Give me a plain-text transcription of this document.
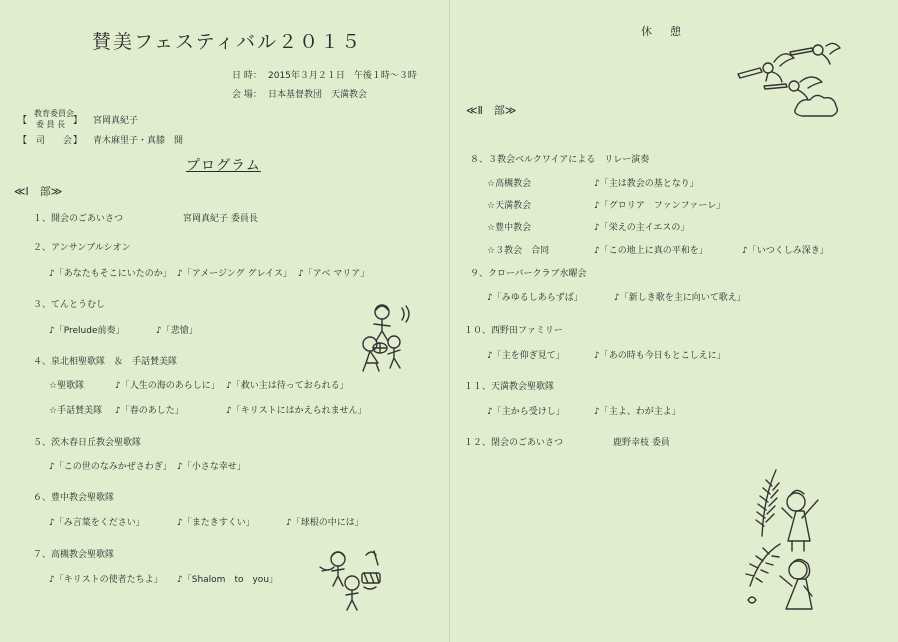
賛美フェスティバル２０１５
日 時： 2015年３月２１日　午後１時～３時
会 場： 日本基督教団　天満教会
【
教育委員会
委 員 長 】 宮岡真紀子
【 司　　会 】 青木麻里子・真膝　開
プログラム
≪Ⅰ　部≫
１、開会のごあいさつ	宮岡真紀子 委員長
２、アンサンブルシオン
♪「あなたもそこにいたのか」 ♪「アメージング グレイス」 ♪「アベ マリア」
３、てんとうむし
♪「Prelude前奏」	♪「悲愴」
４、泉北相聖歌隊　＆　手話賛美隊
☆聖歌隊	♪「人生の海のあらしに」 ♪「救い主は待っておられる」
☆手話賛美隊 ♪「春のあした」	♪「キリストにはかえられません」
５、茨木春日丘教会聖歌隊
♪「この世のなみかぜさわぎ」 ♪「小さな幸せ」
６、豊中教会聖歌隊
♪「み言葉をください」	♪「またきすくい」	♪「球根の中には」
７、高槻教会聖歌隊
♪「キリストの使者たちよ」 ♪「Shalom　to　you」
休憩
≪Ⅱ　部≫
８、３教会ベルクワイアによる　リレー演奏
☆高槻教会	♪「主は教会の基となり」
☆天満教会	♪「グロリア　ファンファーレ」
☆豊中教会	♪「栄えの主イエスの」
☆３教会　合同	♪「この地上に真の平和を」	♪「いつくしみ深き」
９、クローバークラブ水曜会
♪「みゆるしあらずば」	♪「新しき歌を主に向いて歌え」
１０、西野田ファミリー
♪「主を仰ぎ見て」	♪「あの時も今日もとこしえに」
１１、天満教会聖歌隊
♪「主から受けし」	♪「主よ、わが主よ」
１２、閉会のごあいさつ	鹿野幸枝 委員
